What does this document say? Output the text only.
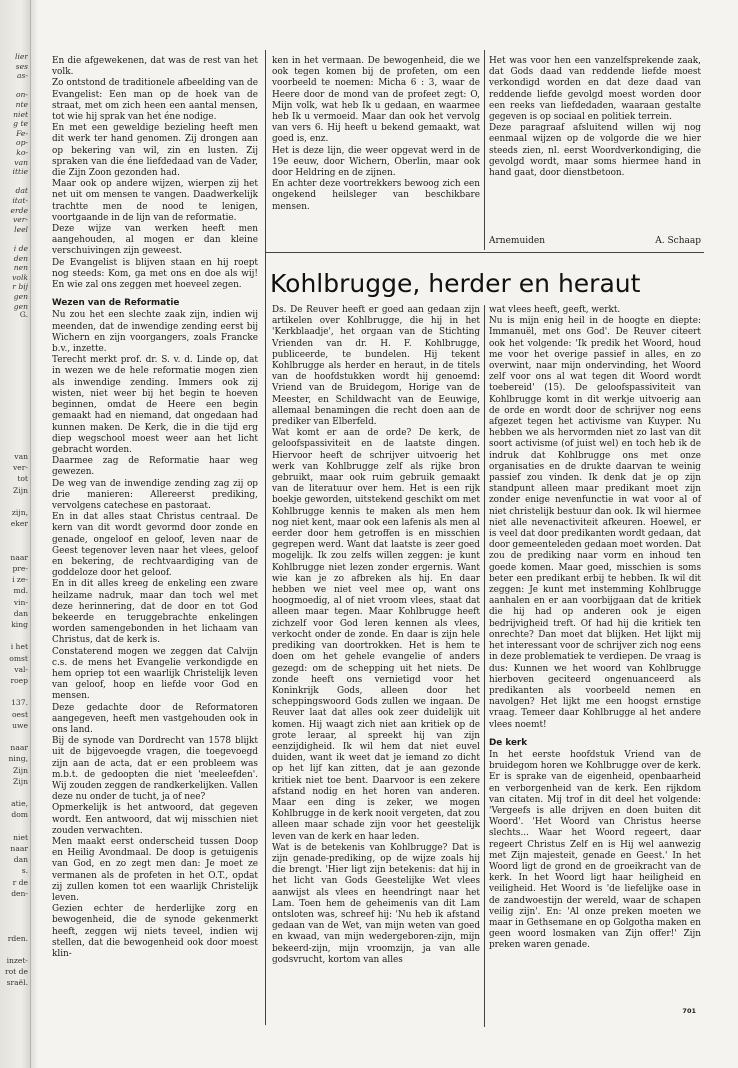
lier
ses
as-
on-
nte
niet
g te
Fe-
op-
ko-
van
ittie
dat
itat-
erde
ver-
leel
i de
den
nen
volk
r bij
gen
gen
G.
van
ver-
tot
Zijn
zijn,
eker
naar
pre-
i ze-
md.
vin-
dan
king
i het
omst
val-
roep
137.
oest
uwe
naar
ning,
Zijn
Zijn
atie,
dom
niet
naar
dan
s.
r de
den-
rden.
inzet-
rot de
sraël.

En die afgewekenen, dat was de rest van het volk.

Zo ontstond de traditionele afbeelding van de Evangelist: Een man op de hoek van de straat, met om zich heen een aantal mensen, tot wie hij sprak van het éne nodige.

En met een geweldige bezieling heeft men dit werk ter hand genomen. Zij drongen aan op bekering van wil, zin en lusten. Zij spraken van die éne liefdedaad van de Vader, die Zijn Zoon gezonden had.

Maar ook op andere wijzen, wierpen zij het net uit om mensen te vangen. Daadwerkelijk trachtte men de nood te lenigen, voortgaande in de lijn van de reformatie.

Deze wijze van werken heeft men aangehouden, al mogen er dan kleine verschuivingen zijn geweest.

De Evangelist is blijven staan en hij roept nog steeds: Kom, ga met ons en doe als wij! En wie zal ons zeggen met hoeveel zegen.

Wezen van de Reformatie

Nu zou het een slechte zaak zijn, indien wij meenden, dat de inwendige zending eerst bij Wichern en zijn voorgangers, zoals Francke b.v., inzette.

Terecht merkt prof. dr. S. v. d. Linde op, dat in wezen we de hele reformatie mogen zien als inwendige zending. Immers ook zij wisten, niet weer bij het begin te hoeven beginnen, omdat de Heere een begin gemaakt had en niemand, dat ongedaan had kunnen maken. De Kerk, die in die tijd erg diep wegschool moest weer aan het licht gebracht worden.

Daarmee zag de Reformatie haar weg gewezen.

De weg van de inwendige zending zag zij op drie manieren: Allereerst prediking, vervolgens catechese en pastoraat.

En in dat alles staat Christus centraal. De kern van dit wordt gevormd door zonde en genade, ongeloof en geloof, leven naar de Geest tegenover leven naar het vlees, geloof en bekering, de rechtvaardiging van de goddeloze door het geloof.

En in dit alles kreeg de enkeling een zware heilzame nadruk, maar dan toch wel met deze herinnering, dat de door en tot God bekeerde en teruggebrachte enkelingen worden samengebonden in het lichaam van Christus, dat de kerk is.

Constaterend mogen we zeggen dat Calvijn c.s. de mens het Evangelie verkondigde en hem opriep tot een waarlijk Christelijk leven van geloof, hoop en liefde voor God en mensen.

Deze gedachte door de Reformatoren aangegeven, heeft men vastgehouden ook in ons land.

Bij de synode van Dordrecht van 1578 blijkt uit de bijgevoegde vragen, die toegevoegd zijn aan de acta, dat er een probleem was m.b.t. de gedoopten die niet 'meeleefden'. Wij zouden zeggen de randkerkelijken. Vallen deze nu onder de tucht, ja of nee?

Opmerkelijk is het antwoord, dat gegeven wordt. Een antwoord, dat wij misschien niet zouden verwachten.

Men maakt eerst onderscheid tussen Doop en Heilig Avondmaal. De doop is getuigenis van God, en zo zegt men dan: Je moet ze vermanen als de profeten in het O.T., opdat zij zullen komen tot een waarlijk Christelijk leven.

Gezien echter de herderlijke zorg en bewogenheid, die de synode gekenmerkt heeft, zeggen wij niets teveel, indien wij stellen, dat die bewogenheid ook door moest klin-

ken in het vermaan. De bewogenheid, die we ook tegen komen bij de profeten, om een voorbeeld te noemen: Micha 6 : 3, waar de Heere door de mond van de profeet zegt: O, Mijn volk, wat heb Ik u gedaan, en waarmee heb Ik u vermoeid. Maar dan ook het vervolg van vers 6. Hij heeft u bekend gemaakt, wat goed is, enz.

Het is deze lijn, die weer opgevat werd in de 19e eeuw, door Wichern, Oberlin, maar ook door Heldring en de zijnen.

En achter deze voortrekkers bewoog zich een ongekend heilsleger van beschikbare mensen.

Het was voor hen een vanzelfsprekende zaak, dat Gods daad van reddende liefde moest verkondigd worden en dat deze daad van reddende liefde gevolgd moest worden door een reeks van liefdedaden, waaraan gestalte gegeven is op sociaal en politiek terrein.

Deze paragraaf afsluitend willen wij nog eenmaal wijzen op de volgorde die we hier steeds zien, nl. eerst Woordverkondiging, die gevolgd wordt, maar soms hiermee hand in hand gaat, door dienstbetoon.

Arnemuiden	A. Schaap
Kohlbrugge, herder en heraut

Ds. De Reuver heeft er goed aan gedaan zijn artikelen over Kohlbrugge, die hij in het 'Kerkblaadje', het orgaan van de Stichting Vrienden van dr. H. F. Kohlbrugge, publiceerde, te bundelen. Hij tekent Kohlbrugge als herder en heraut, in de titels van de hoofdstukken wordt hij genoemd: Vriend van de Bruidegom, Horige van de Meester, en Schildwacht van de Eeuwige, allemaal benamingen die recht doen aan de prediker van Elberfeld.

Wat komt er aan de orde? De kerk, de geloofspassiviteit en de laatste dingen. Hiervoor heeft de schrijver uitvoerig het werk van Kohlbrugge zelf als rijke bron gebruikt, maar ook ruim gebruik gemaakt van de literatuur over hem. Het is een rijk boekje geworden, uitstekend geschikt om met Kohlbrugge kennis te maken als men hem nog niet kent, maar ook een lafenis als men al eerder door hem getroffen is en misschien gegrepen werd. Want dat laatste is zeer goed mogelijk. Ik zou zelfs willen zeggen: je kunt Kohlbrugge niet lezen zonder ergernis. Want wie kan je zo afbreken als hij. En daar hebben we niet veel mee op, want ons hoogmoedig, al of niet vroom vlees, staat dat alleen maar tegen. Maar Kohlbrugge heeft zichzelf voor God leren kennen als vlees, verkocht onder de zonde. En daar is zijn hele prediking van doortrokken. Het is hem te doen om het gehele evangelie of anders gezegd: om de schepping uit het niets. De zonde heeft ons vernietigd voor het Koninkrijk Gods, alleen door het scheppingswoord Gods zullen we ingaan. De Reuver laat dat alles ook zeer duidelijk uit komen. Hij waagt zich niet aan kritiek op de grote leraar, al spreekt hij van zijn eenzijdigheid. Ik wil hem dat niet euvel duiden, want ik weet dat je iemand zo dicht op het lijf kan zitten, dat je aan gezonde kritiek niet toe bent. Daarvoor is een zekere afstand nodig en het horen van anderen. Maar een ding is zeker, we mogen Kohlbrugge in de kerk nooit vergeten, dat zou alleen maar schade zijn voor het geestelijk leven van de kerk en haar leden.

Wat is de betekenis van Kohlbrugge? Dat is zijn genade-prediking, op de wijze zoals hij die brengt. 'Hier ligt zijn betekenis: dat hij in het licht van Gods Geestelijke Wet vlees aanwijst als vlees en heendringt naar het Lam. Toen hem de geheimenis van dit Lam ontsloten was, schreef hij: 'Nu heb ik afstand gedaan van de Wet, van mijn weten van goed en kwaad, van mijn wedergeboren-zijn, mijn bekeerd-zijn, mijn vroomzijn, ja van alle godsvrucht, kortom van alles

wat vlees heeft, geeft, werkt.

Nu is mijn enig heil in de hoogte en diepte: Immanuël, met ons God'. De Reuver citeert ook het volgende: 'Ik predik het Woord, houd me voor het overige passief in alles, en zo overwint, naar mijn ondervinding, het Woord zelf voor ons al wat tegen dit Woord wordt toebereid' (15). De geloofspassiviteit van Kohlbrugge komt in dit werkje uitvoerig aan de orde en wordt door de schrijver nog eens afgezet tegen het activisme van Kuyper. Nu hebben we als hervormden niet zo last van dit soort activisme (of juist wel) en toch heb ik de indruk dat Kohlbrugge ons met onze organisaties en de drukte daarvan te weinig passief zou vinden. Ik denk dat je op zijn standpunt alleen maar predikant moet zijn zonder enige nevenfunctie in wat voor al of niet christelijk bestuur dan ook. Ik wil hiermee niet alle nevenactiviteit afkeuren. Hoewel, er is veel dat door predikanten wordt gedaan, dat door gemeenteleden gedaan moet worden. Dat zou de prediking naar vorm en inhoud ten goede komen. Maar goed, misschien is soms beter een predikant erbij te hebben. Ik wil dit zeggen: Je kunt met instemming Kohlbrugge aanhalen en er aan voorbijgaan dat de kritiek die hij had op anderen ook je eigen bedrijvigheid treft. Of had hij die kritiek ten onrechte? Dan moet dat blijken. Het lijkt mij het interessant voor de schrijver zich nog eens in deze problematiek te verdiepen. De vraag is dus: Kunnen we het woord van Kohlbrugge hierboven geciteerd ongenuanceerd als predikanten als voorbeeld nemen en navolgen? Het lijkt me een hoogst ernstige vraag. Temeer daar Kohlbrugge al het andere vlees noemt!

De kerk

In het eerste hoofdstuk Vriend van de bruidegom horen we Kohlbrugge over de kerk. Er is sprake van de eigenheid, openbaarheid en verborgenheid van de kerk. Een rijkdom van citaten. Mij trof in dit deel het volgende: 'Vergeefs is alle drijven en doen buiten dit Woord'. 'Het Woord van Christus heerse slechts... Waar het Woord regeert, daar regeert Christus Zelf en is Hij wel aanwezig met Zijn majesteit, genade en Geest.' In het Woord ligt de grond en de groeikracht van de kerk. In het Woord ligt haar heiligheid en veiligheid. Het Woord is 'de liefelijke oase in de zandwoestijn der wereld, waar de schapen veilig zijn'. En: 'Al onze preken moeten we maar in Gethsemane en op Golgotha maken en geen woord losmaken van Zijn offer!' Zijn preken waren genade.

701
